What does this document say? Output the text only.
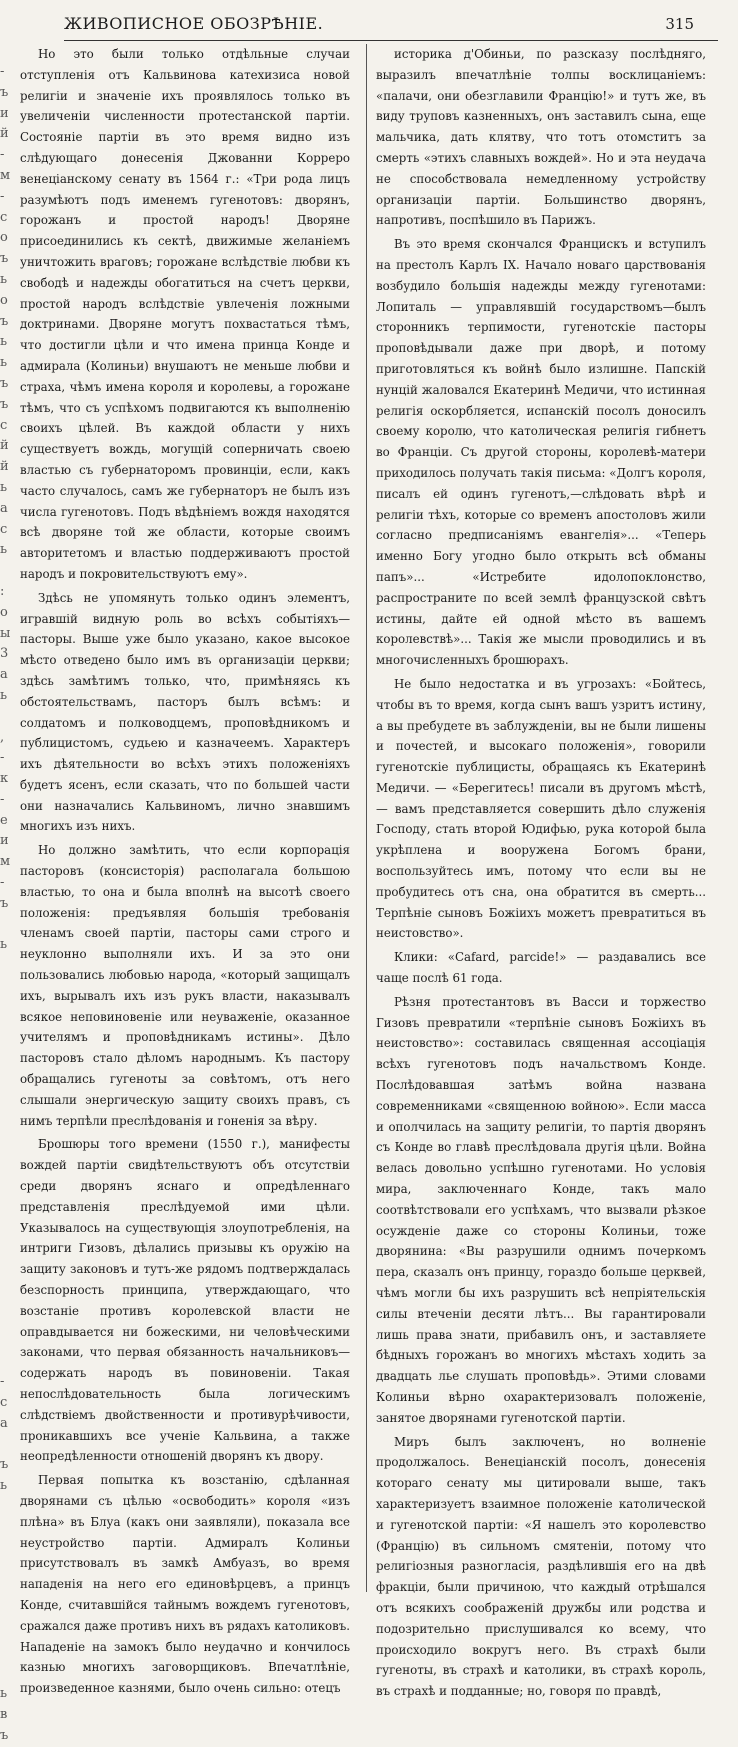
ЖИВОПИСНОЕ ОБОЗРѢНІЕ.	315
-
ъ
и
й
-
м
-
с
о
ъ
ь
о
ъ
ь
ь
ъ
ъ
с
й
й
ь
а
с
ь
:
о
ы
3
а
ь
,
-
к
-
е
и
м
-
ъ
ь
-
с
а
ъ
ь
ь
в
ъ

Но это были только отдѣльные случаи отступленія отъ Кальвинова катехизиса новой религіи и значеніе ихъ проявлялось только въ увеличеніи численности протестанской партіи. Состояніе партіи въ это время видно изъ слѣдующаго донесенія Джованни Корреро венеціанскому сенату въ 1564 г.: «Три рода лицъ разумѣютъ подъ именемъ гугенотовъ: дворянъ, горожанъ и простой народъ! Дворяне присоединились къ сектѣ, движимые желаніемъ уничтожить враговъ; горожане вслѣдствіе любви къ свободѣ и надежды обогатиться на счетъ церкви, простой народъ вслѣдствіе увлеченія ложными доктринами. Дворяне могутъ похвастаться тѣмъ, что достигли цѣли и что имена принца Конде и адмирала (Колиньи) внушаютъ не меньше любви и страха, чѣмъ имена короля и королевы, а горожане тѣмъ, что съ успѣхомъ подвигаются къ выполненію своихъ цѣлей. Въ каждой области у нихъ существуетъ вождь, могущій соперничать своею властью съ губернаторомъ провинціи, если, какъ часто случалось, самъ же губернаторъ не былъ изъ числа гугенотовъ. Подъ вѣдѣніемъ вождя находятся всѣ дворяне той же области, которые своимъ авторитетомъ и властью поддерживаютъ простой народъ и покровительствуютъ ему».

Здѣсь не упомянуть только одинъ элементъ, игравшій видную роль во всѣхъ событіяхъ—пасторы. Выше уже было указано, какое высокое мѣсто отведено было имъ въ организаціи церкви; здѣсь замѣтимъ только, что, примѣняясь къ обстоятельствамъ, пасторъ былъ всѣмъ: и солдатомъ и полководцемъ, проповѣдникомъ и публицистомъ, судьею и казначеемъ. Характеръ ихъ дѣятельности во всѣхъ этихъ положеніяхъ будетъ ясенъ, если сказать, что по большей части они назначались Кальвиномъ, лично знавшимъ многихъ изъ нихъ.

Но должно замѣтить, что если корпорація пасторовъ (консисторія) располагала большою властью, то она и была вполнѣ на высотѣ своего положенія: предъявляя большія требованія членамъ своей партіи, пасторы сами строго и неуклонно выполняли ихъ. И за это они пользовались любовью народа, «который защищалъ ихъ, вырывалъ ихъ изъ рукъ власти, наказывалъ всякое неповиновеніе или неуваженіе, оказанное учителямъ и проповѣдникамъ истины». Дѣло пасторовъ стало дѣломъ народнымъ. Къ пастору обращались гугеноты за совѣтомъ, отъ него слышали энергическую защиту своихъ правъ, съ нимъ терпѣли преслѣдованія и гоненія за вѣру.

Брошюры того времени (1550 г.), манифесты вождей партіи свидѣтельствуютъ объ отсутствіи среди дворянъ яснаго и опредѣленнаго представленія преслѣдуемой ими цѣли. Указывалось на существующія злоупотребленія, на интриги Гизовъ, дѣлались призывы къ оружію на защиту законовъ и тутъ-же рядомъ подтверждалась безспорность принципа, утверждающаго, что возстаніе противъ королевской власти не оправдывается ни божескими, ни человѣческими законами, что первая обязанность начальниковъ—содержать народъ въ повиновеніи. Такая непослѣдовательность была логическимъ слѣдствіемъ двойственности и противурѣчивости, проникавшихъ все ученіе Кальвина, а также неопредѣленности отношеній дворянъ къ двору.

Первая попытка къ возстанію, сдѣланная дворянами съ цѣлью «освободить» короля «изъ плѣна» въ Блуа (какъ они заявляли), показала все неустройство партіи. Адмиралъ Колиньи присутствовалъ въ замкѣ Амбуазъ, во время нападенія на него его единовѣрцевъ, а принцъ Конде, считавшійся тайнымъ вождемъ гугенотовъ, сражался даже противъ нихъ въ рядахъ католиковъ. Нападеніе на замокъ было неудачно и кончилось казнью многихъ заговорщиковъ. Впечатлѣніе, произведенное казнями, было очень сильно: отецъ

историка д'Обиньи, по разсказу послѣдняго, выразилъ впечатлѣніе толпы восклицаніемъ: «палачи, они обезглавили Францію!» и тутъ же, въ виду труповъ казненныхъ, онъ заставилъ сына, еще мальчика, дать клятву, что тотъ отомститъ за смерть «этихъ славныхъ вождей». Но и эта неудача не способствовала немедленному устройству организаціи партіи. Большинство дворянъ, напротивъ, поспѣшило въ Парижъ.

Въ это время скончался Францискъ и вступилъ на престолъ Карлъ IX. Начало новаго царствованія возбудило большія надежды между гугенотами: Лопиталь — управлявшій государствомъ—былъ сторонникъ терпимости, гугенотскіе пасторы проповѣдывали даже при дворѣ, и потому приготовляться къ войнѣ было излишне. Папскій нунцій жаловался Екатеринѣ Медичи, что истинная религія оскорбляется, испанскій посолъ доносилъ своему королю, что католическая религія гибнетъ во Франціи. Съ другой стороны, королевѣ-матери приходилось получать такія письма: «Долгъ короля, писалъ ей одинъ гугенотъ,—слѣдовать вѣрѣ и религіи тѣхъ, которые со временъ апостоловъ жили согласно предписаніямъ евангелія»... «Теперь именно Богу угодно было открыть всѣ обманы папъ»... «Истребите идолопоклонство, распространите по всей землѣ французской свѣтъ истины, дайте ей одной мѣсто въ вашемъ королевствѣ»... Такія же мысли проводились и въ многочисленныхъ брошюрахъ.

Не было недостатка и въ угрозахъ: «Бойтесь, чтобы въ то время, когда сынъ вашъ узритъ истину, а вы пребудете въ заблужденіи, вы не были лишены и почестей, и высокаго положенія», говорили гугенотскіе публицисты, обращаясь къ Екатеринѣ Медичи. — «Берегитесь! писали въ другомъ мѣстѣ, — вамъ представляется совершить дѣло служенія Господу, стать второй Юдифью, рука которой была укрѣплена и вооружена Богомъ брани, воспользуйтесь имъ, потому что если вы не пробудитесь отъ сна, она обратится въ смерть... Терпѣніе сыновъ Божіихъ можетъ превратиться въ неистовство».

Клики: «Cafard, parcide!» — раздавались все чаще послѣ 61 года.

Рѣзня протестантовъ въ Васси и торжество Гизовъ превратили «терпѣніе сыновъ Божіихъ въ неистовство»: составилась священная ассоціація всѣхъ гугенотовъ подъ начальствомъ Конде. Послѣдовавшая затѣмъ война названа современниками «священною войною». Если масса и ополчилась на защиту религіи, то партія дворянъ съ Конде во главѣ преслѣдовала другія цѣли. Война велась довольно успѣшно гугенотами. Но условія мира, заключеннаго Конде, такъ мало соотвѣтствовали его успѣхамъ, что вызвали рѣзкое осужденіе даже со стороны Колиньи, тоже дворянина: «Вы разрушили однимъ почеркомъ пера, сказалъ онъ принцу, гораздо больше церквей, чѣмъ могли бы ихъ разрушить всѣ непріятельскія силы втеченіи десяти лѣтъ... Вы гарантировали лишь права знати, прибавилъ онъ, и заставляете бѣдныхъ горожанъ во многихъ мѣстахъ ходить за двадцать лье слушать проповѣдь». Этими словами Колиньи вѣрно охарактеризовалъ положеніе, занятое дворянами гугенотской партіи.

Миръ былъ заключенъ, но волненіе продолжалось. Венеціанскій посолъ, донесенія котораго сенату мы цитировали выше, такъ характеризуетъ взаимное положеніе католической и гугенотской партіи: «Я нашелъ это королевство (Францію) въ сильномъ смятеніи, потому что религіозныя разногласія, раздѣлившія его на двѣ фракціи, были причиною, что каждый отрѣшался отъ всякихъ соображеній дружбы или родства и подозрительно прислушивался ко всему, что происходило вокругъ него. Въ страхѣ были гугеноты, въ страхѣ и католики, въ страхѣ король, въ страхѣ и подданные; но, говоря по правдѣ,
